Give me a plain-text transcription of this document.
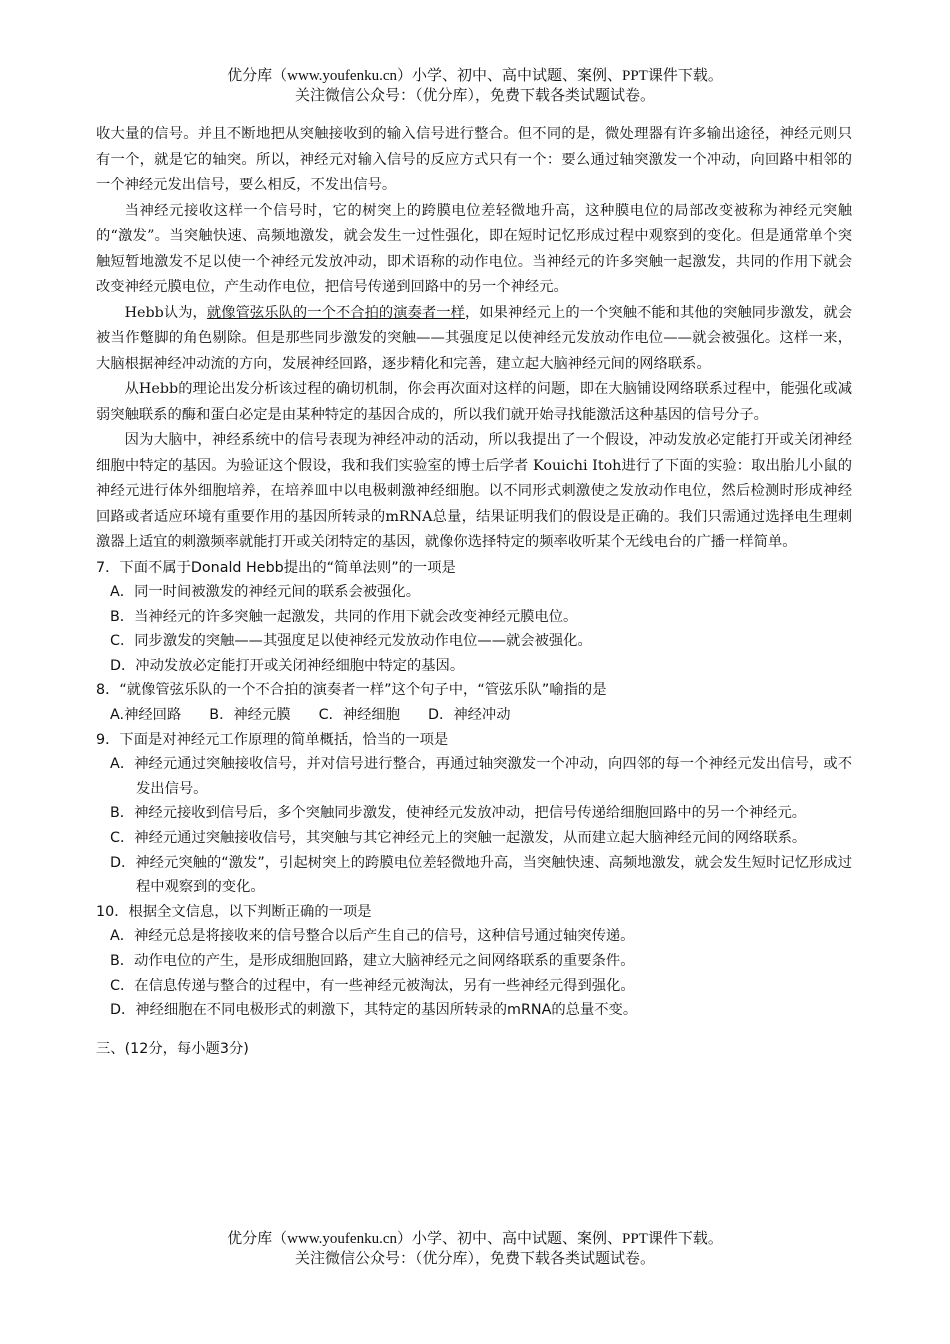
优分库（www.youfenku.cn）小学、初中、高中试题、案例、PPT课件下载。
关注微信公众号：（优分库），免费下载各类试题试卷。

收大量的信号。并且不断地把从突触接收到的输入信号进行整合。但不同的是，微处理器有许多输出途径，神经元则只有一个，就是它的轴突。所以，神经元对输入信号的反应方式只有一个：要么通过轴突激发一个冲动，向回路中相邻的一个神经元发出信号，要么相反，不发出信号。

当神经元接收这样一个信号时，它的树突上的跨膜电位差轻微地升高，这种膜电位的局部改变被称为神经元突触的“激发”。当突触快速、高频地激发，就会发生一过性强化，即在短时记忆形成过程中观察到的变化。但是通常单个突触短暂地激发不足以使一个神经元发放冲动，即术语称的动作电位。当神经元的许多突触一起激发，共同的作用下就会改变神经元膜电位，产生动作电位，把信号传递到回路中的另一个神经元。

Hebb认为，就像管弦乐队的一个不合拍的演奏者一样，如果神经元上的一个突触不能和其他的突触同步激发，就会被当作蹩脚的角色剔除。但是那些同步激发的突触——其强度足以使神经元发放动作电位——就会被强化。这样一来，大脑根据神经冲动流的方向，发展神经回路，逐步精化和完善，建立起大脑神经元间的网络联系。

从Hebb的理论出发分析该过程的确切机制，你会再次面对这样的问题，即在大脑铺设网络联系过程中，能强化或减弱突触联系的酶和蛋白必定是由某种特定的基因合成的，所以我们就开始寻找能激活这种基因的信号分子。

因为大脑中，神经系统中的信号表现为神经冲动的活动，所以我提出了一个假设，冲动发放必定能打开或关闭神经细胞中特定的基因。为验证这个假设，我和我们实验室的博士后学者 Kouichi Itoh进行了下面的实验：取出胎儿小鼠的神经元进行体外细胞培养，在培养皿中以电极刺激神经细胞。以不同形式刺激使之发放动作电位，然后检测时形成神经回路或者适应环境有重要作用的基因所转录的mRNA总量，结果证明我们的假设是正确的。我们只需通过选择电生理刺激器上适宜的刺激频率就能打开或关闭特定的基因，就像你选择特定的频率收听某个无线电台的广播一样简单。

7．下面不属于Donald Hebb提出的“简单法则”的一项是

A．同一时间被激发的神经元间的联系会被强化。

B．当神经元的许多突触一起激发，共同的作用下就会改变神经元膜电位。

C．同步激发的突触——其强度足以使神经元发放动作电位——就会被强化。

D．冲动发放必定能打开或关闭神经细胞中特定的基因。

8．“就像管弦乐队的一个不合拍的演奏者一样”这个句子中，“管弦乐队”喻指的是

A.神经回路 B．神经元膜 C．神经细胞 D．神经冲动

9．下面是对神经元工作原理的简单概括，恰当的一项是

A．神经元通过突触接收信号，并对信号进行整合，再通过轴突激发一个冲动，向四邻的每一个神经元发出信号，或不发出信号。

B．神经元接收到信号后，多个突触同步激发，使神经元发放冲动，把信号传递给细胞回路中的另一个神经元。

C．神经元通过突触接收信号，其突触与其它神经元上的突触一起激发，从而建立起大脑神经元间的网络联系。

D．神经元突触的“激发”，引起树突上的跨膜电位差轻微地升高，当突触快速、高频地激发，就会发生短时记忆形成过程中观察到的变化。

10．根据全文信息，以下判断正确的一项是

A．神经元总是将接收来的信号整合以后产生自己的信号，这种信号通过轴突传递。

B．动作电位的产生，是形成细胞回路，建立大脑神经元之间网络联系的重要条件。

C．在信息传递与整合的过程中，有一些神经元被淘汰，另有一些神经元得到强化。

D．神经细胞在不同电极形式的刺激下，其特定的基因所转录的mRNA的总量不变。

三、(12分，每小题3分)
优分库（www.youfenku.cn）小学、初中、高中试题、案例、PPT课件下载。
关注微信公众号：（优分库），免费下载各类试题试卷。
